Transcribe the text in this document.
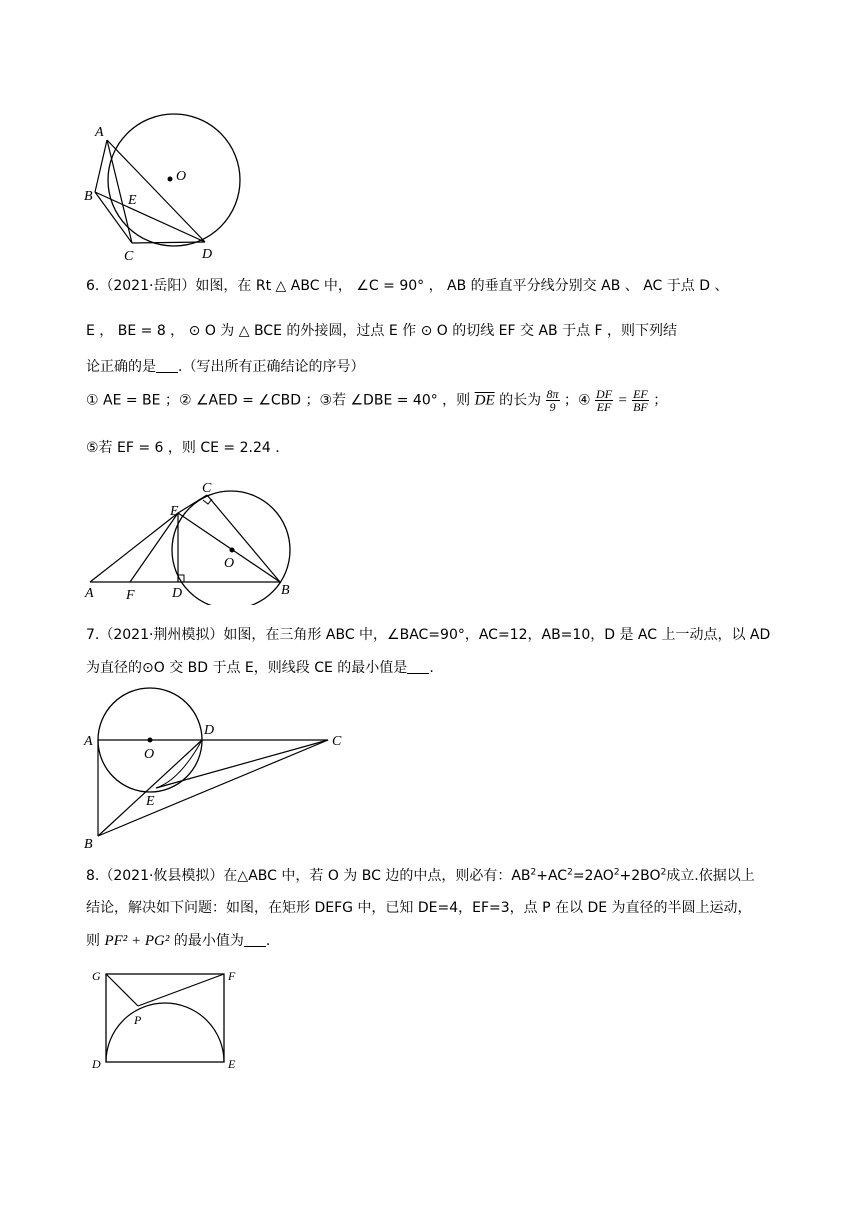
A
O
B	E
C	D
6.（2021·岳阳）如图，在 Rt △ ABC 中， ∠C = 90° ， AB 的垂直平分线分别交 AB 、 AC 于点 D 、
E ， BE = 8 ， ⊙ O 为 △ BCE 的外接圆，过点 E 作 ⊙ O 的切线 EF 交 AB 于点 F ，则下列结
论正确的是 .（写出所有正确结论的序号）
① AE = BE ；② ∠AED = ∠CBD ；③若 ∠DBE = 40° ，则 $\overline{DE}$ 的长为 $\frac{8\pi}{9}$ ；④ $\frac{DF}{EF} = \frac{EF}{BF}$ ；
⑤若 EF = 6 ，则 CE = 2.24 .
C
E
O
A F	D	B
7.（2021·荆州模拟）如图，在三角形 ABC 中，∠BAC=90°，AC=12，AB=10，D 是 AC 上一动点，以 AD
为直径的⊙O 交 BD 于点 E，则线段 CE 的最小值是 .
A
O
D
C
E
B
8.（2021·攸县模拟）在△ABC 中，若 O 为 BC 边的中点，则必有：$AB^2+AC^2=2AO^2+2BO^2$成立.依据以上
结论，解决如下问题：如图，在矩形 DEFG 中，已知 DE=4，EF=3，点 P 在以 DE 为直径的半圆上运动，
则 PF² + PG² 的最小值为 .
G	F
P
D	E
